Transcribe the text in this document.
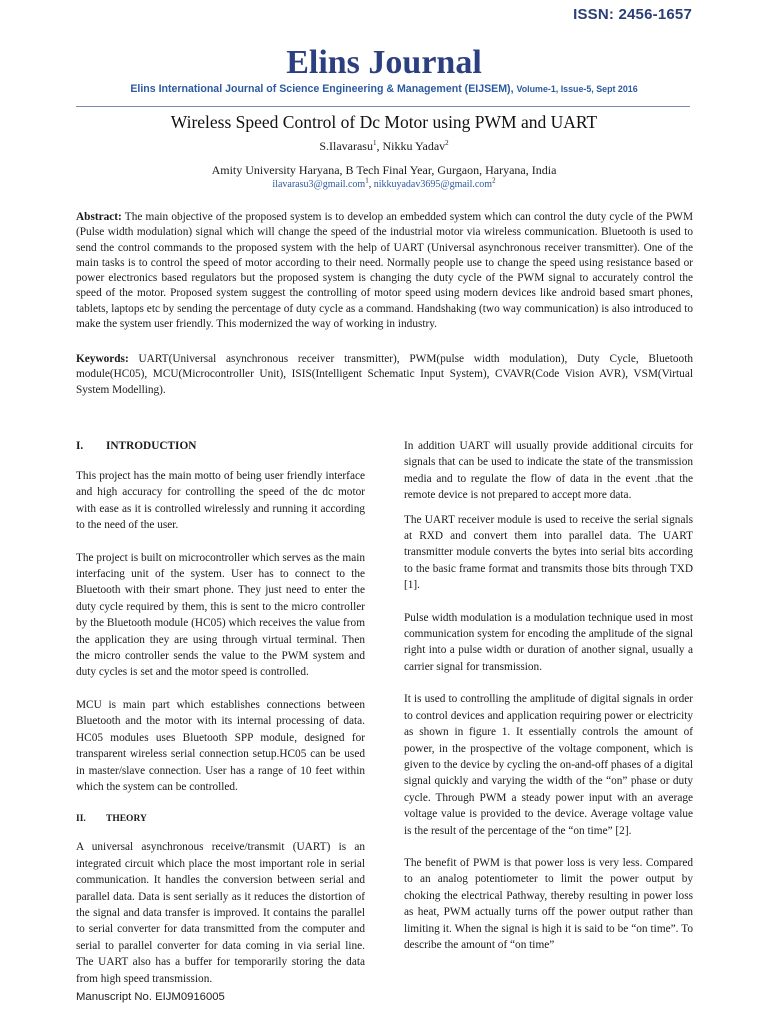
ISSN: 2456-1657
Elins Journal
Elins International Journal of Science Engineering & Management (EIJSEM), Volume-1, Issue-5, Sept 2016
Wireless Speed Control of Dc Motor using PWM and UART
S.Ilavarasu$^1$, Nikku Yadav$^2$
Amity University Haryana, B Tech Final Year, Gurgaon, Haryana, India
ilavarasu3@gmail.com$^1$, nikkuyadav3695@gmail.com$^2$
Abstract: The main objective of the proposed system is to develop an embedded system which can control the duty cycle of the PWM (Pulse width modulation) signal which will change the speed of the industrial motor via wireless communication. Bluetooth is used to send the control commands to the proposed system with the help of UART (Universal asynchronous receiver transmitter). One of the main tasks is to control the speed of motor according to their need. Normally people use to change the speed using resistance based or power electronics based regulators but the proposed system is changing the duty cycle of the PWM signal to accurately control the speed of the motor. Proposed system suggest the controlling of motor speed using modern devices like android based smart phones, tablets, laptops etc by sending the percentage of duty cycle as a command. Handshaking (two way communication) is also introduced to make the system user friendly. This modernized the way of working in industry.
Keywords: UART(Universal asynchronous receiver transmitter), PWM(pulse width modulation), Duty Cycle, Bluetooth module(HC05), MCU(Microcontroller Unit), ISIS(Intelligent Schematic Input System), CVAVR(Code Vision AVR), VSM(Virtual System Modelling).
I. INTRODUCTION

This project has the main motto of being user friendly interface and high accuracy for controlling the speed of the dc motor with ease as it is controlled wirelessly and running it according to the need of the user.

The project is built on microcontroller which serves as the main interfacing unit of the system. User has to connect to the Bluetooth with their smart phone. They just need to enter the duty cycle required by them, this is sent to the micro controller by the Bluetooth module (HC05) which receives the value from the application they are using through virtual terminal. Then the micro controller sends the value to the PWM system and duty cycles is set and the motor speed is controlled.

MCU is main part which establishes connections between Bluetooth and the motor with its internal processing of data. HC05 modules uses Bluetooth SPP module, designed for transparent wireless serial connection setup.HC05 can be used in master/slave connection. User has a range of 10 feet within which the system can be controlled.

II. THEORY

A universal asynchronous receive/transmit (UART) is an integrated circuit which place the most important role in serial communication. It handles the conversion between serial and parallel data. Data is sent serially as it reduces the distortion of the signal and data transfer is improved. It contains the parallel to serial converter for data transmitted from the computer and serial to parallel converter for data coming in via serial line. The UART also has a buffer for temporarily storing the data from high speed transmission.

In addition UART will usually provide additional circuits for signals that can be used to indicate the state of the transmission media and to regulate the flow of data in the event .that the remote device is not prepared to accept more data.

The UART receiver module is used to receive the serial signals at RXD and convert them into parallel data. The UART transmitter module converts the bytes into serial bits according to the basic frame format and transmits those bits through TXD [1].

Pulse width modulation is a modulation technique used in most communication system for encoding the amplitude of the signal right into a pulse width or duration of another signal, usually a carrier signal for transmission.

It is used to controlling the amplitude of digital signals in order to control devices and application requiring power or electricity as shown in figure 1. It essentially controls the amount of power, in the prospective of the voltage component, which is given to the device by cycling the on-and-off phases of a digital signal quickly and varying the width of the “on” phase or duty cycle. Through PWM a steady power input with an average voltage value is provided to the device. Average voltage value is the result of the percentage of the “on time” [2].

The benefit of PWM is that power loss is very less. Compared to an analog potentiometer to limit the power output by choking the electrical Pathway, thereby resulting in power loss as heat, PWM actually turns off the power output rather than limiting it. When the signal is high it is said to be “on time”. To describe the amount of “on time”

Manuscript No. EIJM0916005
